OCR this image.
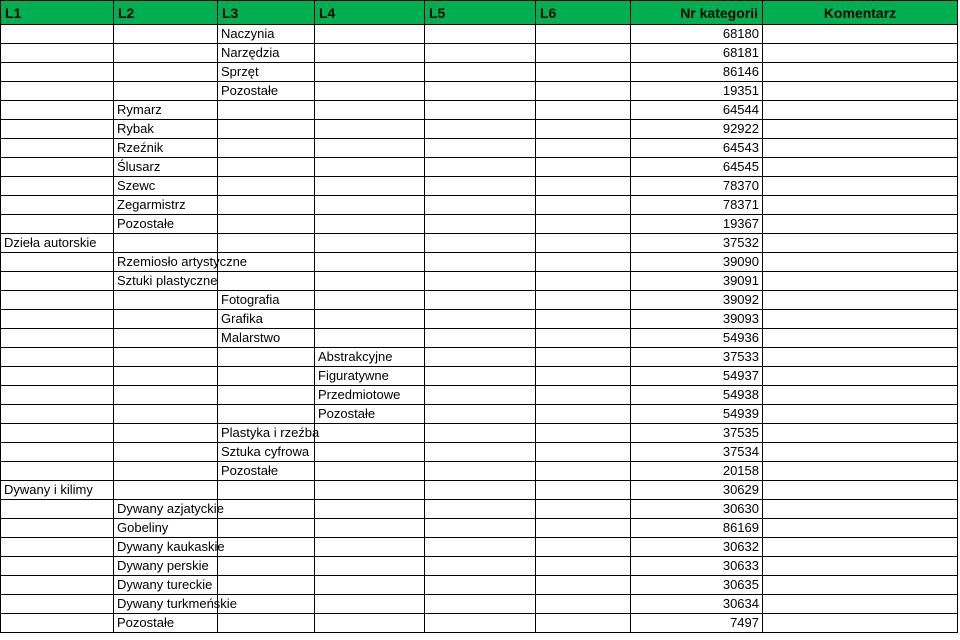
L1	L2	L3	L4	L5	L6	Nr kategorii	Komentarz
		Naczynia				68180	
		Narzędzia				68181	
		Sprzęt				86146	
		Pozostałe				19351	
	Rymarz					64544	
	Rybak					92922	
	Rzeźnik					64543	
	Ślusarz					64545	
	Szewc					78370	
	Zegarmistrz					78371	
	Pozostałe					19367	
Dzieła autorskie						37532	
	Rzemiosło artystyczne					39090	
	Sztuki plastyczne					39091	
		Fotografia				39092	
		Grafika				39093	
		Malarstwo				54936	
			Abstrakcyjne			37533	
			Figuratywne			54937	
			Przedmiotowe			54938	
			Pozostałe			54939	
		Plastyka i rzeźba				37535	
		Sztuka cyfrowa				37534	
		Pozostałe				20158	
Dywany i kilimy						30629	
	Dywany azjatyckie					30630	
	Gobeliny					86169	
	Dywany kaukaskie					30632	
	Dywany perskie					30633	
	Dywany tureckie					30635	
	Dywany turkmeńskie					30634	
	Pozostałe					7497	
